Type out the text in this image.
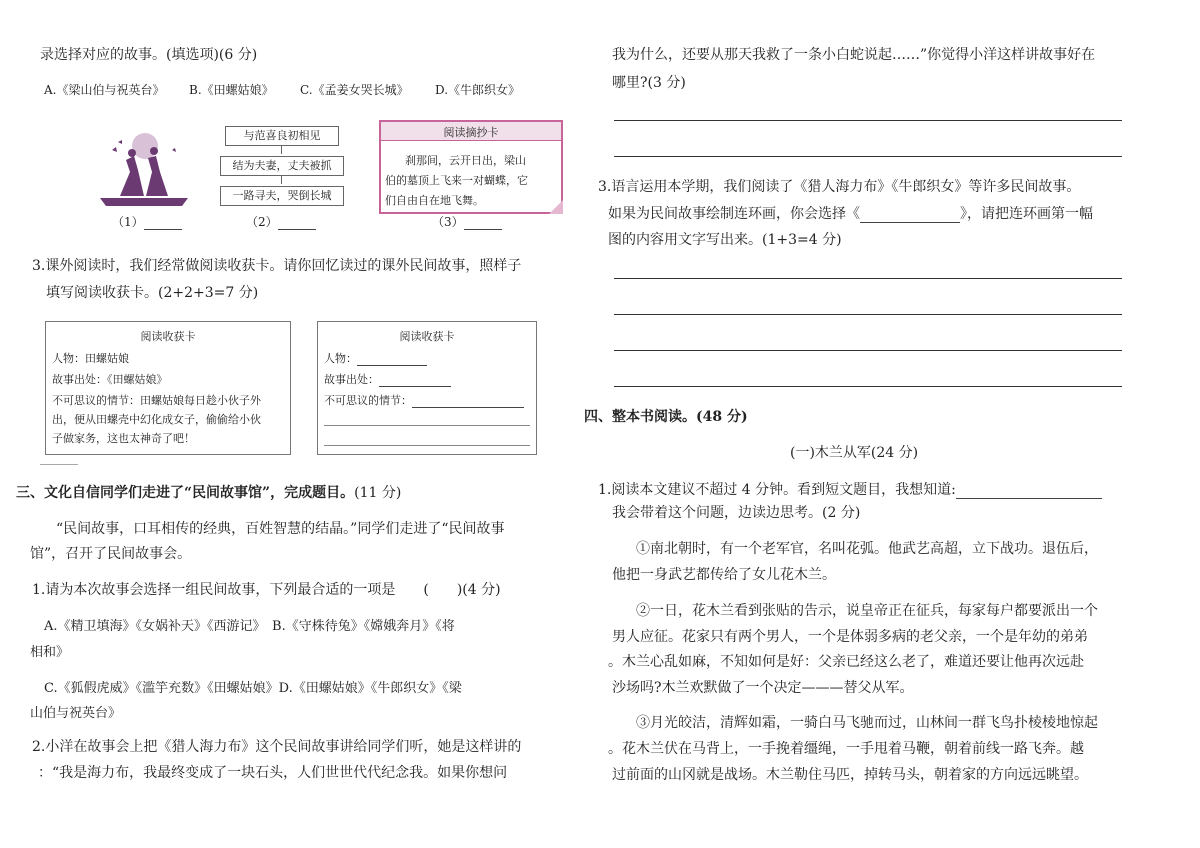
录选择对应的故事。(填选项)(6 分)
A.《梁山伯与祝英台》 B.《田螺姑娘》 C.《孟姜女哭长城》 D.《牛郎织女》
与范喜良初相见
结为夫妻，丈夫被抓
一路寻夫，哭倒长城
阅读摘抄卡
刹那间，云开日出，梁山
伯的墓顶上飞来一对蝴蝶，它
们自由自在地飞舞。
（1）	（2）	（3）
3.课外阅读时，我们经常做阅读收获卡。请你回忆读过的课外民间故事，照样子
填写阅读收获卡。(2+2+3=7 分)
阅读收获卡
人物：田螺姑娘
故事出处：《田螺姑娘》
不可思议的情节：田螺姑娘每日趁小伙子外
出，便从田螺壳中幻化成女子，偷偷给小伙
子做家务，这也太神奇了吧！
阅读收获卡
人物：
故事出处：
不可思议的情节：
三、文化自信同学们走进了“民间故事馆”，完成题目。(11 分)
“民间故事，口耳相传的经典，百姓智慧的结晶。”同学们走进了“民间故事
馆”，召开了民间故事会。
1.请为本次故事会选择一组民间故事，下列最合适的一项是　　 (　　)(4 分)
A.《精卫填海》《女娲补天》《西游记》　B.《守株待兔》《嫦娥奔月》《将
相和》
C.《狐假虎威》《滥竽充数》《田螺姑娘》D.《田螺姑娘》《牛郎织女》《梁
山伯与祝英台》
2.小洋在故事会上把《猎人海力布》这个民间故事讲给同学们听，她是这样讲的
：“我是海力布，我最终变成了一块石头，人们世世代代纪念我。如果你想问
我为什么，还要从那天我救了一条小白蛇说起……”你觉得小洋这样讲故事好在
哪里?(3 分)
3.语言运用本学期，我们阅读了《猎人海力布》《牛郎织女》等许多民间故事。
如果为民间故事绘制连环画，你会选择《	》，请把连环画第一幅
图的内容用文字写出来。(1+3=4 分)
四、整本书阅读。(48 分)
(一)木兰从军(24 分)
1.阅读本文建议不超过 4 分钟。看到短文题目，我想知道:
我会带着这个问题，边读边思考。(2 分)
①南北朝时，有一个老军官，名叫花弧。他武艺高超，立下战功。退伍后，
他把一身武艺都传给了女儿花木兰。
②一日，花木兰看到张贴的告示，说皇帝正在征兵，每家每户都要派出一个
男人应征。花家只有两个男人，一个是体弱多病的老父亲，一个是年幼的弟弟
。木兰心乱如麻，不知如何是好：父亲已经这么老了，难道还要让他再次远赴
沙场吗?木兰欢默做了一个决定———替父从军。
③月光皎洁，清辉如霜，一骑白马飞驰而过，山林间一群飞鸟扑棱棱地惊起
。花木兰伏在马背上，一手挽着缰绳，一手甩着马鞭，朝着前线一路飞奔。越
过前面的山冈就是战场。木兰勒住马匹，掉转马头，朝着家的方向远远眺望。
